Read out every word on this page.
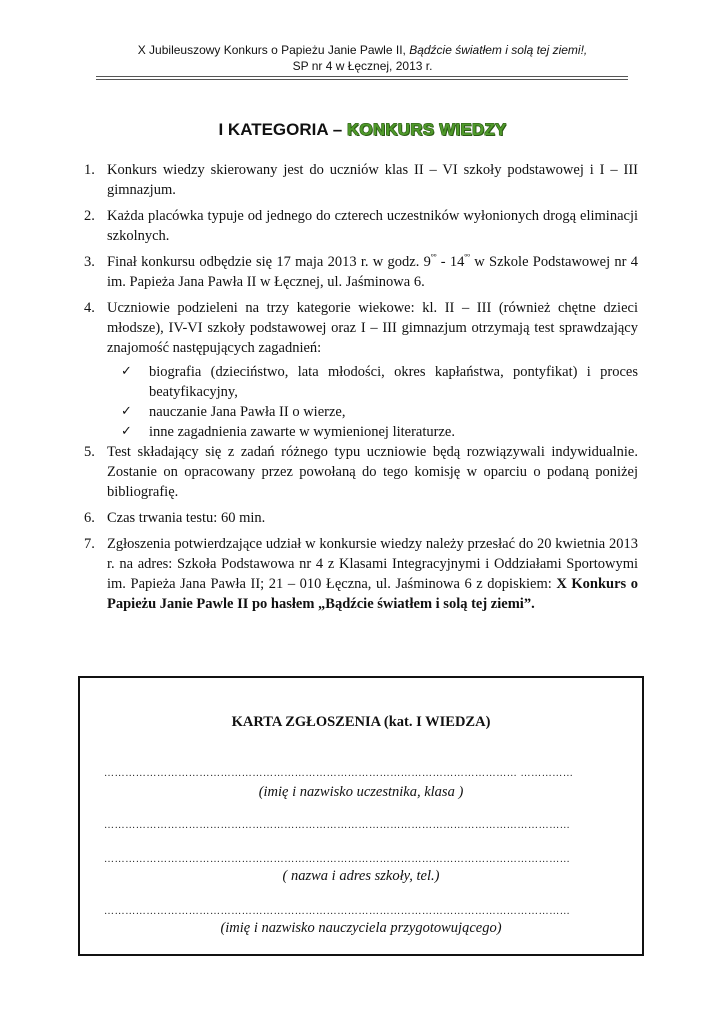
X Jubileuszowy Konkurs o Papieżu Janie Pawle II, Bądźcie światłem i solą tej ziemi!,
SP nr 4 w Łęcznej, 2013 r.
I KATEGORIA – KONKURS WIEDZY
1. Konkurs wiedzy skierowany jest do uczniów klas II – VI szkoły podstawowej i I – III gimnazjum.
2. Każda placówka typuje od jednego do czterech uczestników wyłonionych drogą eliminacji szkolnych.
3. Finał konkursu odbędzie się 17 maja 2013 r. w godz. $9^{ºº} - 14^{ºº}$ w Szkole Podstawowej nr 4 im. Papieża Jana Pawła II w Łęcznej, ul. Jaśminowa 6.
4. Uczniowie podzieleni na trzy kategorie wiekowe: kl. II – III (również chętne dzieci młodsze), IV-VI szkoły podstawowej oraz I – III gimnazjum otrzymają test sprawdzający znajomość następujących zagadnień:
✓ biografia (dzieciństwo, lata młodości, okres kapłaństwa, pontyfikat) i proces beatyfikacyjny,
✓ nauczanie Jana Pawła II o wierze,
✓ inne zagadnienia zawarte w wymienionej literaturze.
5. Test składający się z zadań różnego typu uczniowie będą rozwiązywali indywidualnie. Zostanie on opracowany przez powołaną do tego komisję w oparciu o podaną poniżej bibliografię.
6. Czas trwania testu: 60 min.
7. Zgłoszenia potwierdzające udział w konkursie wiedzy należy przesłać do 20 kwietnia 2013 r. na adres: Szkoła Podstawowa nr 4 z Klasami Integracyjnymi i Oddziałami Sportowymi im. Papieża Jana Pawła II; 21 – 010 Łęczna, ul. Jaśminowa 6 z dopiskiem: X Konkurs o Papieżu Janie Pawle II po hasłem „Bądźcie światłem i solą tej ziemi”.
KARTA ZGŁOSZENIA (kat. I WIEDZA)
……………………………………………………………………………………………………… ……………
(imię i nazwisko uczestnika, klasa )
……………………………………………………………………………………………………………………
……………………………………………………………………………………………………………………
( nazwa i adres szkoły, tel.)
……………………………………………………………………………………………………………………
(imię i nazwisko nauczyciela przygotowującego)
